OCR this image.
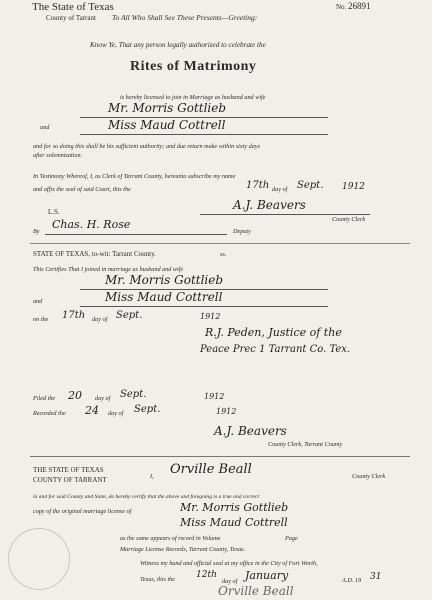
The State of Texas
County of Tarrant To All Who Shall See These Presents—Greeting:
No. 26891
Know Ye, That any person legally authorized to celebrate the
Rites of Matrimony
is hereby licensed to join in Marriage as husband and wife
Mr. Morris Gottlieb
and	Miss Maud Cottrell
and for so doing this shall be his sufficient authority; and due return make within sixty days
after solemnization.
In Testimony Whereof, I, as Clerk of Tarrant County, hereunto subscribe my name
and affix the seal of said Court, this the	17th day of Sept. 1912
L.S.	A.J. Beavers
County Clerk
By
Chas. H. Rose
Deputy
STATE OF TEXAS, to-wit: Tarrant County.	ss.
This Certifies That I joined in marriage as husband and wife
Mr. Morris Gottlieb
and	Miss Maud Cottrell
on the 17th day of Sept.	1912
R.J. Peden, Justice of the
Peace Prec 1 Tarrant Co. Tex.
Filed the 20 day of Sept.	1912
Recorded the 24 day of Sept.	1912
A.J. Beavers
County Clerk, Tarrant County
THE STATE OF TEXAS
COUNTY OF TARRANT	I, Orville Beall	County Clerk
in and for said County and State, do hereby certify that the above and foregoing is a true and correct
copy of the original marriage license of	Mr. Morris Gottlieb
Miss Maud Cottrell
as the same appears of record in Volume	Page
Marriage License Records, Tarrant County, Texas.
Witness my hand and official seal at my office in the City of Fort Worth,
Texas, this the 12th
day of January	A.D. 19 31
Orville Beall
